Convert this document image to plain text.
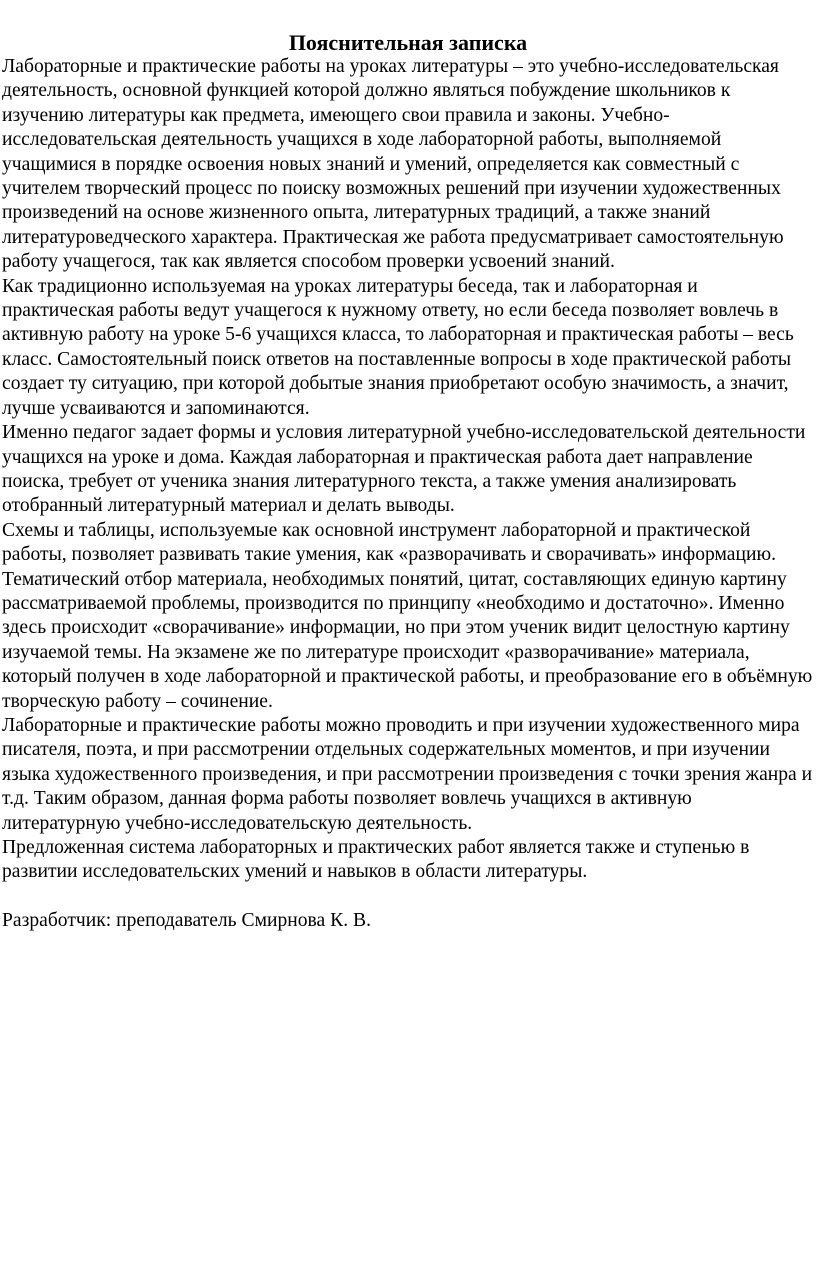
Пояснительная записка

Лабораторные и практические работы на уроках литературы – это учебно-исследовательская деятельность, основной функцией которой должно являться побуждение школьников к изучению литературы как предмета, имеющего свои правила и законы. Учебно-исследовательская деятельность учащихся в ходе лабораторной работы, выполняемой учащимися в порядке освоения новых знаний и умений, определяется как совместный с учителем творческий процесс по поиску возможных решений при изучении художественных произведений на основе жизненного опыта, литературных традиций, а также знаний литературоведческого характера. Практическая же работа предусматривает самостоятельную работу учащегося, так как является способом проверки усвоений знаний.

Как традиционно используемая на уроках литературы беседа, так и лабораторная и практическая работы ведут учащегося к нужному ответу, но если беседа позволяет вовлечь в активную работу на уроке 5-6 учащихся класса, то лабораторная и практическая работы – весь класс. Самостоятельный поиск ответов на поставленные вопросы в ходе практической работы создает ту ситуацию, при которой добытые знания приобретают особую значимость, а значит, лучше усваиваются и запоминаются.

Именно педагог задает формы и условия литературной учебно-исследовательской деятельности учащихся на уроке и дома. Каждая лабораторная и практическая работа дает направление поиска, требует от ученика знания литературного текста, а также умения анализировать отобранный литературный материал и делать выводы.

Схемы и таблицы, используемые как основной инструмент лабораторной и практической работы, позволяет развивать такие умения, как «разворачивать и сворачивать» информацию. Тематический отбор материала, необходимых понятий, цитат, составляющих единую картину рассматриваемой проблемы, производится по принципу «необходимо и достаточно». Именно здесь происходит «сворачивание» информации, но при этом ученик видит целостную картину изучаемой темы. На экзамене же по литературе происходит «разворачивание» материала, который получен в ходе лабораторной и практической работы, и преобразование его в объёмную творческую работу – сочинение.

Лабораторные и практические работы можно проводить и при изучении художественного мира писателя, поэта, и при рассмотрении отдельных содержательных моментов, и при изучении языка художественного произведения, и при рассмотрении произведения с точки зрения жанра и т.д. Таким образом, данная форма работы позволяет вовлечь учащихся в активную литературную учебно-исследовательскую деятельность.

Предложенная система лабораторных и практических работ является также и ступенью в развитии исследовательских умений и навыков в области литературы.

Разработчик: преподаватель Смирнова К. В.
